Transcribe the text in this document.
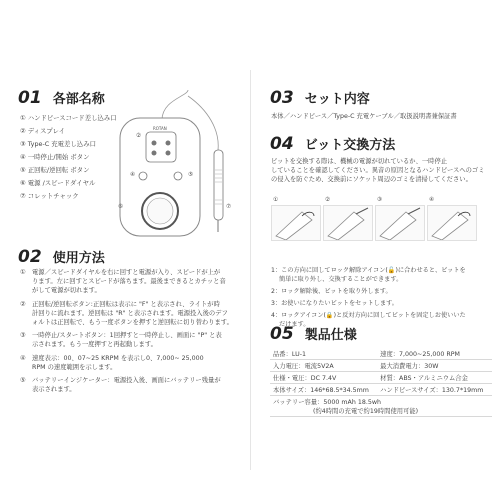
01 各部名称
① ハンドピースコード差し込み口
② ディスプレイ
③ Type-C 充電差し込み口
④ 一時停止/開始 ボタン
⑤ 正回転/逆回転 ボタン
⑥ 電源 /スピードダイヤル
⑦ コレットチャック
ROTAN
②
④	⑤
⑥	⑦
02 使用方法
① 電源／スピードダイヤルを右に回すと電源が入り、スピードが上が
ります。左に回すとスピードが落ちます。最後まできるとカチッと音
がして電源が切れます。
② 正回転/逆回転ボタン:正回転は表示に "F" と表示され、ライトが時
計回りに流れます。逆回転は "R" と表示されます。電源投入後のデフ
ォルトは正回転で、もう一度ボタンを押すと逆回転に切り替わります。
③ 一時停止/スタートボタン：1回押すと一時停止し、画面に "P" と表
示されます。もう一度押すと再起動します。
④ 速度表示：00、07~25 KRPM を表示し0、7,000~ 25,000
RPM の速度範囲を示します。
⑤ バッテリーインジケーター：電源投入後、画面にバッテリー残量が
表示されます。
03 セット内容
本体／ハンドピース／Type-C 充電ケーブル／取扱説明書兼保証書
04 ビット交換方法
ビットを交換する際は、機械の電源が切れているか、一時停止
していることを確認してください。異音の原因となるハンドピースへのゴミ
の侵入を防ぐため、交換前にソケット周辺のゴミを清掃してください。
①	②	③	④
1：この方向に回してロック解除アイコン(🔓)に合わせると、ビットを
簡単に取り外し、交換することができます。
2：ロック解除後、ビットを取り外します。
3：お使いになりたいビットをセットします。
4：ロックアイコン(🔒)と反対方向に回してビットを固定しお使いいた
だけます。
05 製品仕様
品番：LU-1	速度：7,000~25,000 RPM
入力電圧：電流5V2A	最大消費電力：30W
仕様・電圧：DC 7.4V	材質：ABS・アルミニウム合金
本体サイズ：146*68.5*34.5mm	ハンドピースサイズ：130.7*19mm
バッテリー容量：5000 mAh 18.5wh
(約4時間の充電で約19時間使用可能)	
